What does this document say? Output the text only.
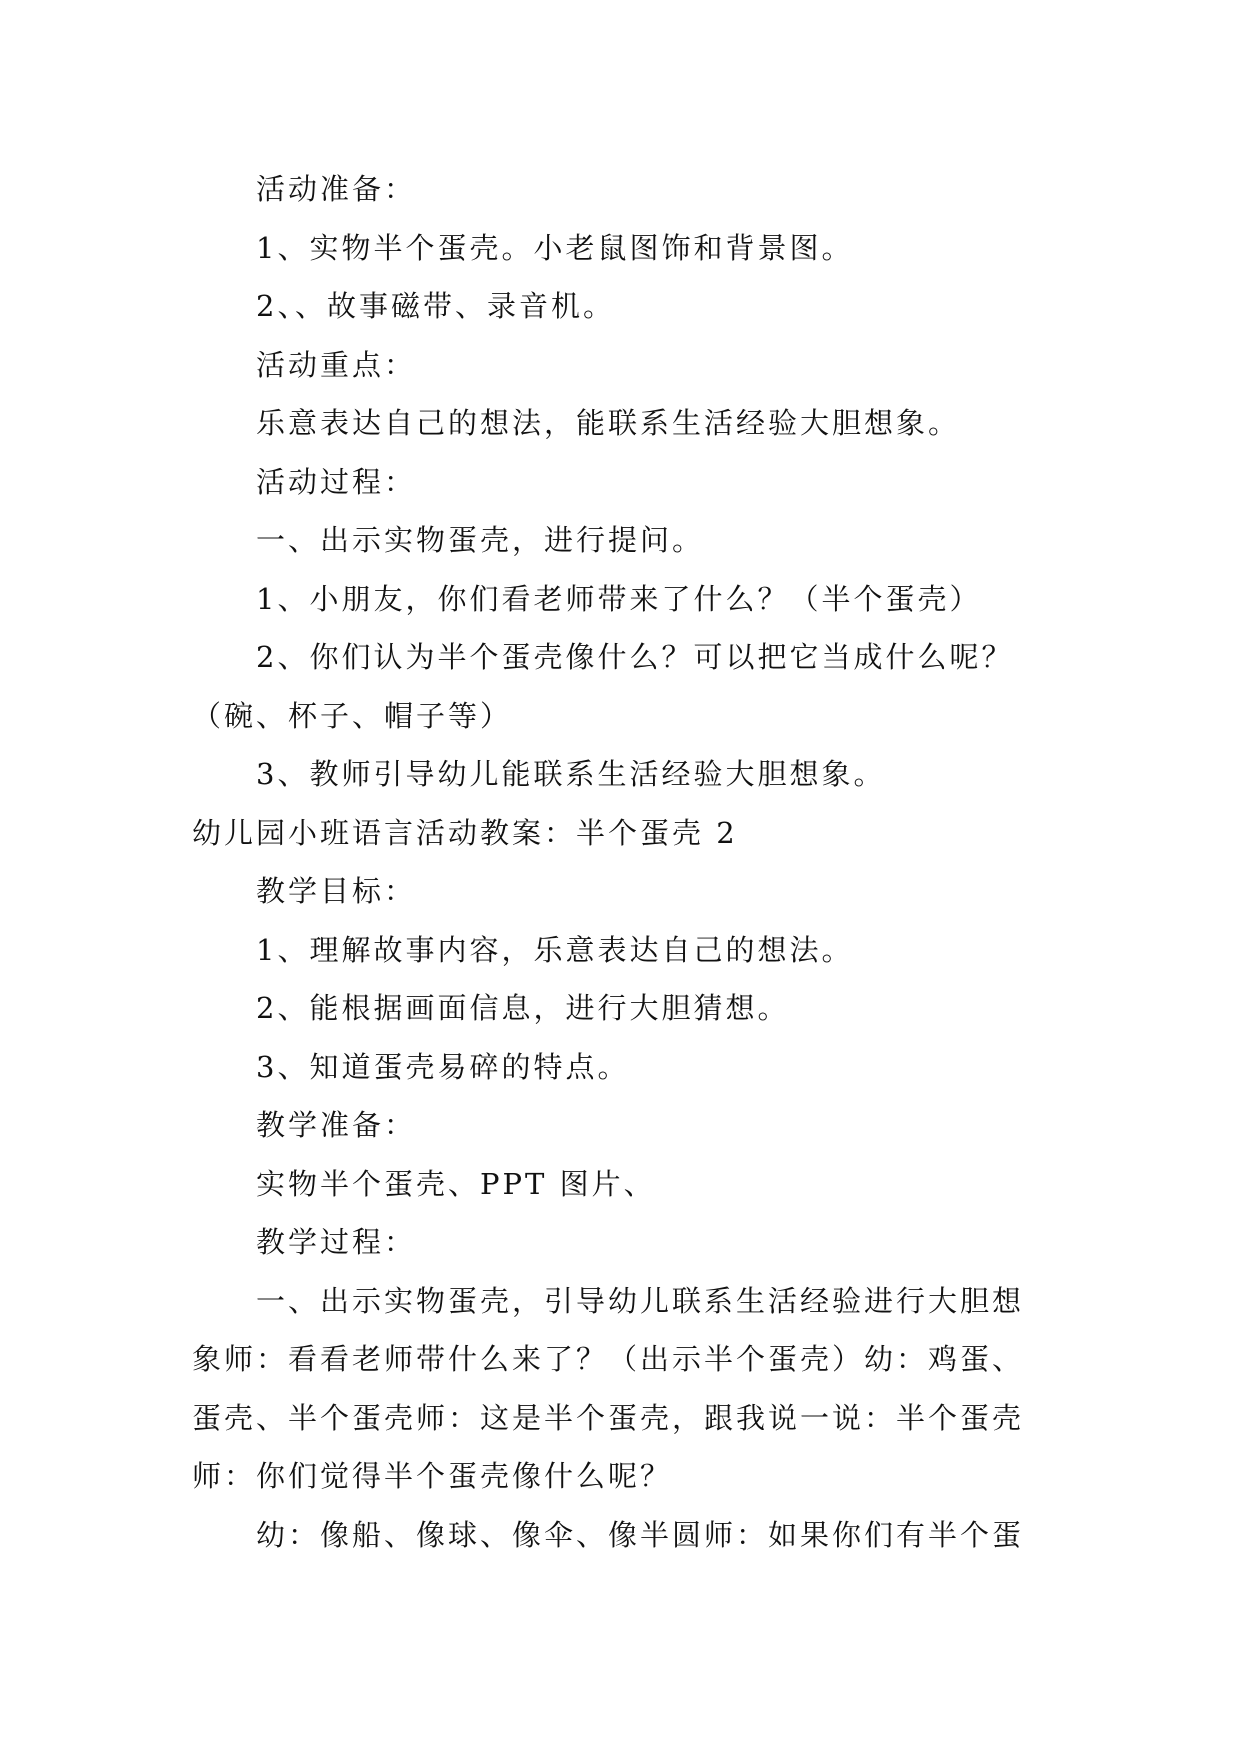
活动准备：
1、实物半个蛋壳。小老鼠图饰和背景图。
2、、故事磁带、录音机。
活动重点：
乐意表达自己的想法，能联系生活经验大胆想象。
活动过程：
一、出示实物蛋壳，进行提问。
1、小朋友，你们看老师带来了什么？（半个蛋壳）
2、你们认为半个蛋壳像什么？可以把它当成什么呢？
（碗、杯子、帽子等）
3、教师引导幼儿能联系生活经验大胆想象。
幼儿园小班语言活动教案：半个蛋壳 2
教学目标：
1、理解故事内容，乐意表达自己的想法。
2、能根据画面信息，进行大胆猜想。
3、知道蛋壳易碎的特点。
教学准备：
实物半个蛋壳、PPT 图片、
教学过程：
一、出示实物蛋壳，引导幼儿联系生活经验进行大胆想
象师：看看老师带什么来了？（出示半个蛋壳）幼：鸡蛋、
蛋壳、半个蛋壳师：这是半个蛋壳，跟我说一说：半个蛋壳
师：你们觉得半个蛋壳像什么呢？
幼：像船、像球、像伞、像半圆师：如果你们有半个蛋
